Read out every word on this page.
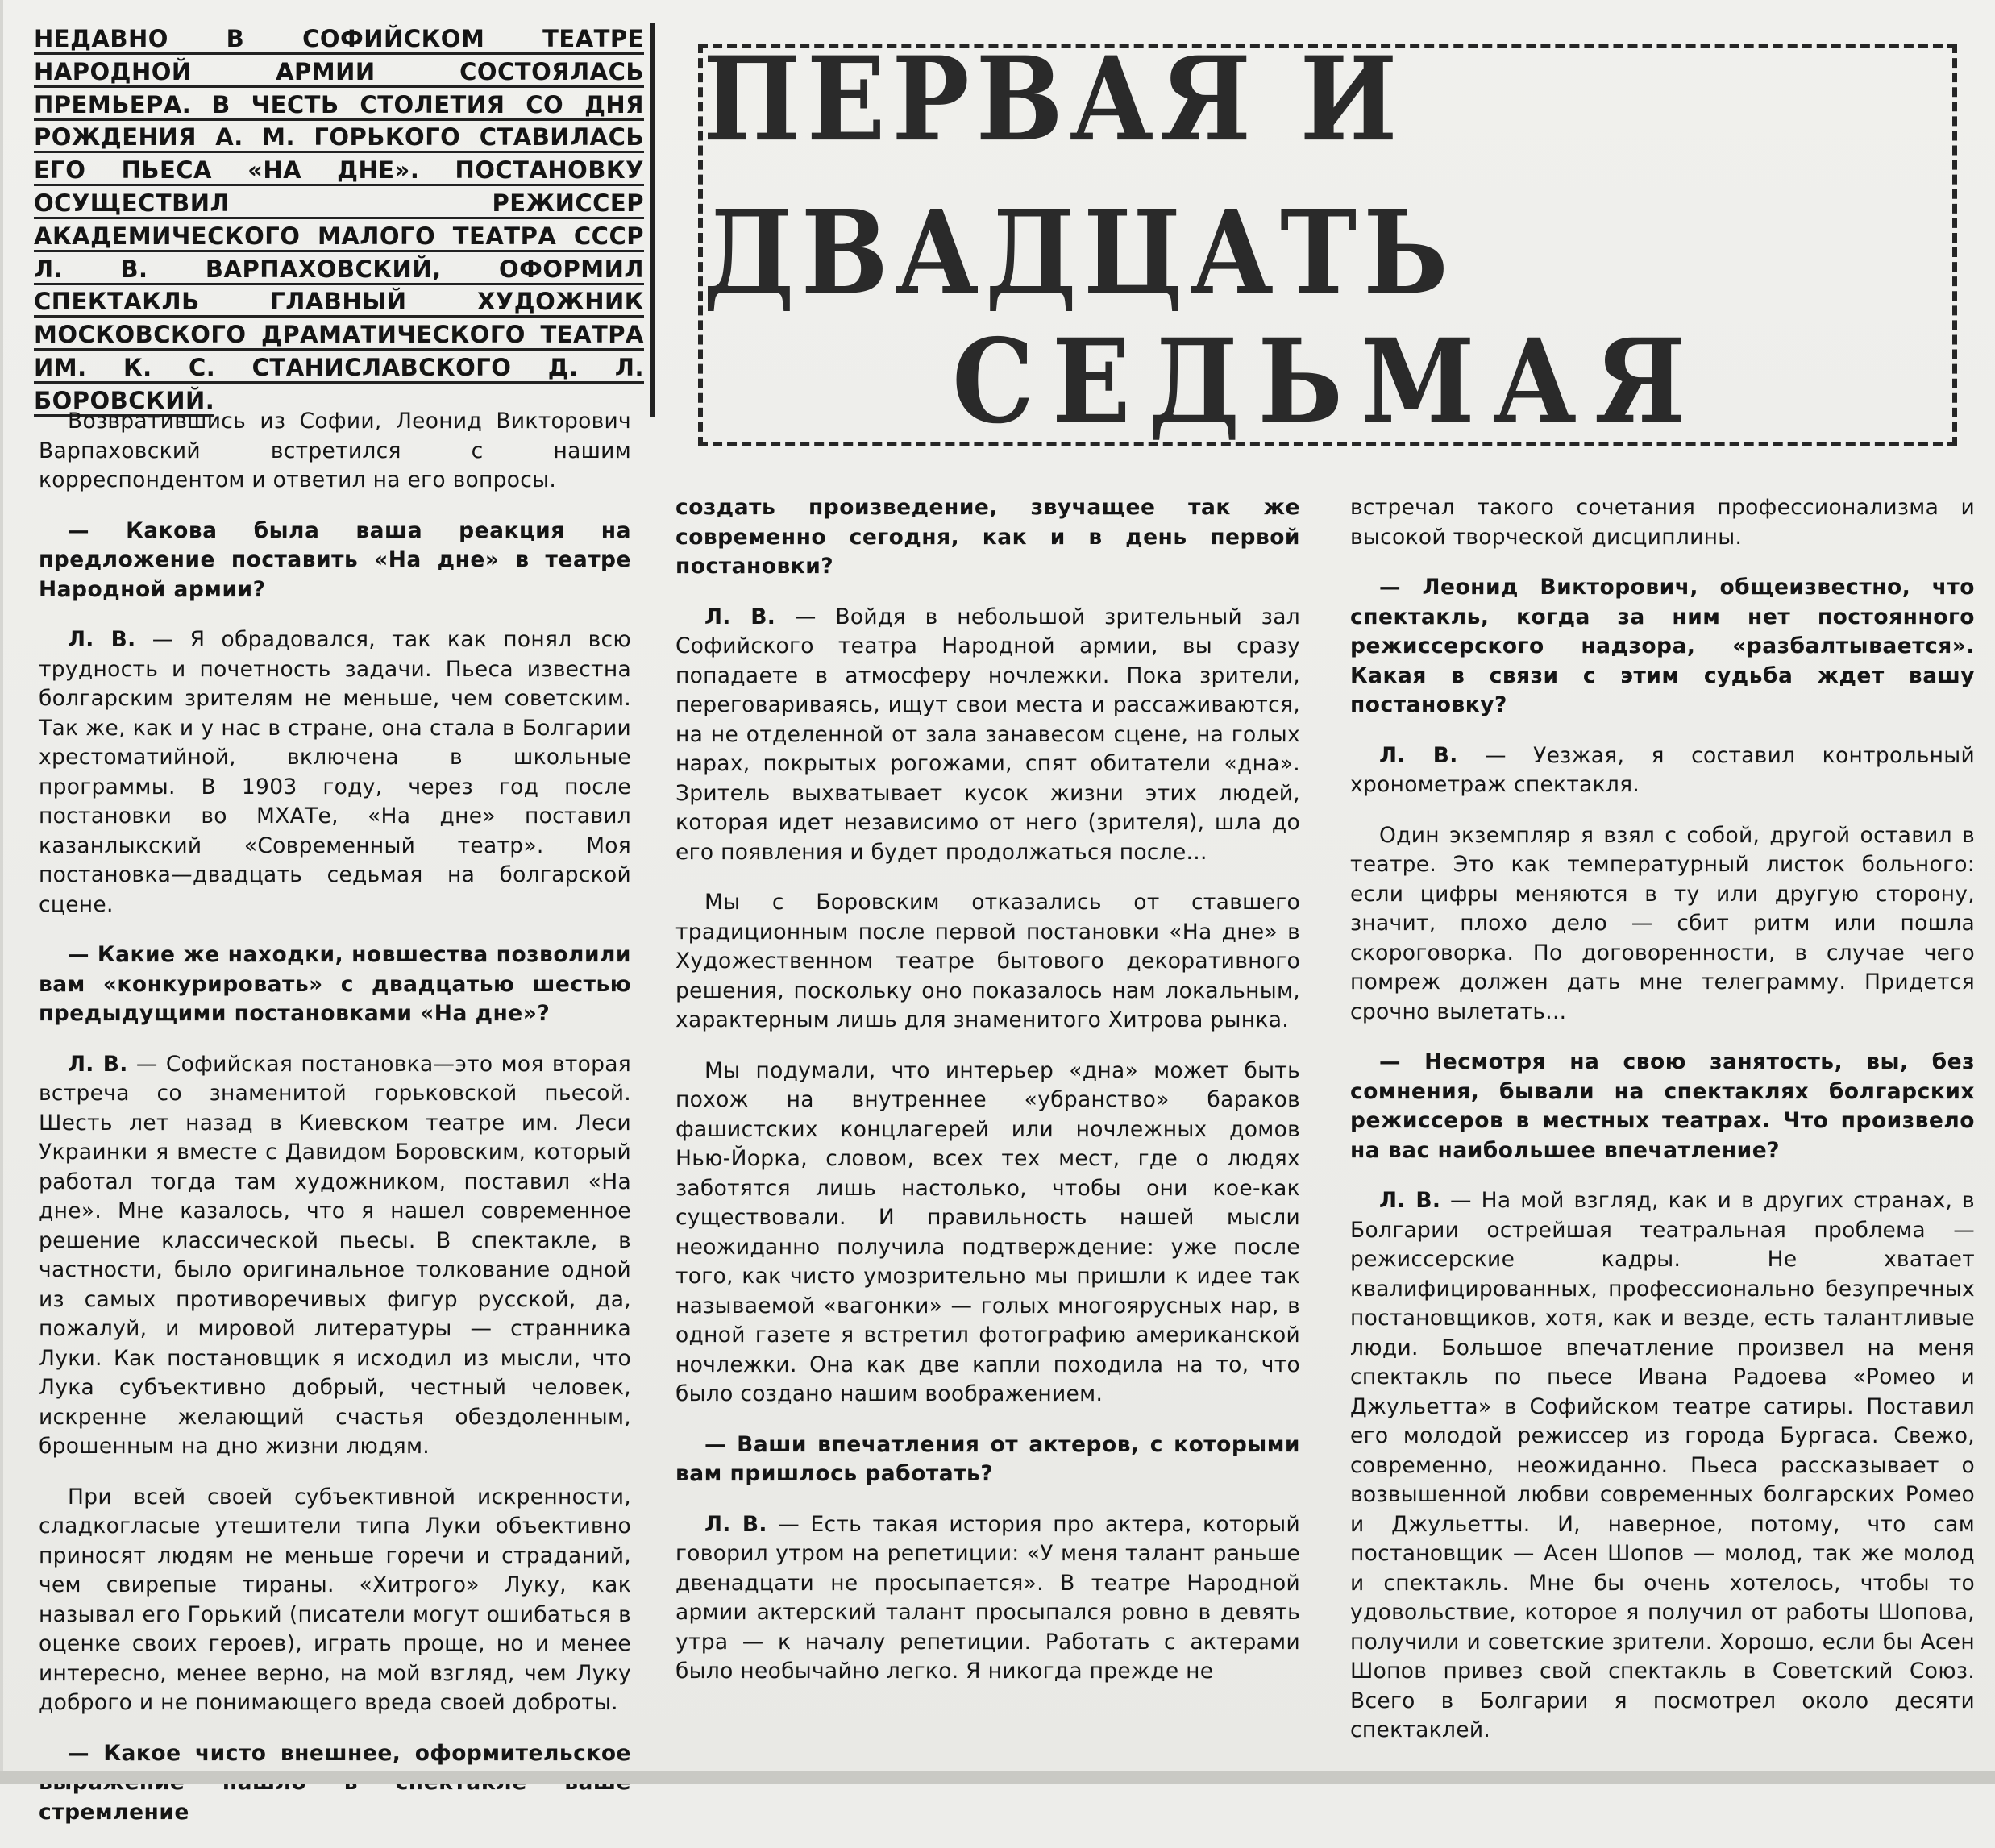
НЕДАВНО В СОФИЙСКОМ ТЕАТРЕ НАРОДНОЙ АРМИИ СОСТОЯЛАСЬ ПРЕМЬЕРА. В ЧЕСТЬ СТОЛЕТИЯ СО ДНЯ РОЖДЕНИЯ А. М. ГОРЬКОГО СТАВИЛАСЬ ЕГО ПЬЕСА «НА ДНЕ». ПОСТАНОВКУ ОСУЩЕСТВИЛ РЕЖИССЕР АКАДЕМИЧЕСКОГО МАЛОГО ТЕАТРА СССР Л. В. ВАРПАХОВСКИЙ, ОФОРМИЛ СПЕКТАКЛЬ ГЛАВНЫЙ ХУДОЖНИК МОСКОВСКОГО ДРАМАТИЧЕСКОГО ТЕАТРА ИМ. К. С. СТАНИСЛАВСКОГО Д. Л. БОРОВСКИЙ.
ПЕРВАЯ И ДВАДЦАТЬ
СЕДЬМАЯ

Возвратившись из Софии, Леонид Викторович Варпаховский встретился с нашим корреспондентом и ответил на его вопросы.

— Какова была ваша реакция на предложение поставить «На дне» в театре Народной армии?

Л. В. — Я обрадовался, так как понял всю трудность и почетность задачи. Пьеса известна болгарским зрителям не меньше, чем советским. Так же, как и у нас в стране, она стала в Болгарии хрестоматийной, включена в школьные программы. В 1903 году, через год после постановки во МХАТе, «На дне» поставил казанлыкский «Современный театр». Моя постановка—двадцать седьмая на болгарской сцене.

— Какие же находки, новшества позволили вам «конкурировать» с двадцатью шестью предыдущими постановками «На дне»?

Л. В. — Софийская постановка—это моя вторая встреча со знаменитой горьковской пьесой. Шесть лет назад в Киевском театре им. Леси Украинки я вместе с Давидом Боровским, который работал тогда там художником, поставил «На дне». Мне казалось, что я нашел современное решение классической пьесы. В спектакле, в частности, было оригинальное толкование одной из самых противоречивых фигур русской, да, пожалуй, и мировой литературы — странника Луки. Как постановщик я исходил из мысли, что Лука субъективно добрый, честный человек, искренне желающий счастья обездоленным, брошенным на дно жизни людям.

При всей своей субъективной искренности, сладкогласые утешители типа Луки объективно приносят людям не меньше горечи и страданий, чем свирепые тираны. «Хитрого» Луку, как называл его Горький (писатели могут ошибаться в оценке своих героев), играть проще, но и менее интересно, менее верно, на мой взгляд, чем Луку доброго и не понимающего вреда своей доброты.

— Какое чисто внешнее, оформительское стремление

создать произведение, звучащее так же современно сегодня, как и в день первой постановки?

Л. В. — Войдя в небольшой зрительный зал Софийского театра Народной армии, вы сразу попадаете в атмосферу ночлежки. Пока зрители, переговариваясь, ищут свои места и рассаживаются, на не отделенной от зала занавесом сцене, на голых нарах, покрытых рогожами, спят обитатели «дна». Зритель выхватывает кусок жизни этих людей, которая идет независимо от него (зрителя), шла до его появления и будет продолжаться после...

Мы с Боровским отказались от ставшего традиционным после первой постановки «На дне» в Художественном театре бытового декоративного решения, поскольку оно показалось нам локальным, характерным лишь для знаменитого Хитрова рынка.

Мы подумали, что интерьер «дна» может быть похож на внутреннее «убранство» бараков фашистских концлагерей или ночлежных домов Нью-Йорка, словом, всех тех мест, где о людях заботятся лишь настолько, чтобы они кое-как существовали. И правильность нашей мысли неожиданно получила подтверждение: уже после того, как чисто умозрительно мы пришли к идее так называемой «вагонки» — голых многоярусных нар, в одной газете я встретил фотографию американской ночлежки. Она как две капли походила на то, что было создано нашим воображением.

— Ваши впечатления от актеров, с которыми вам пришлось работать?

Л. В. — Есть такая история про актера, который говорил утром на репетиции: «У меня талант раньше двенадцати не просыпается». В театре Народной армии актерский талант просыпался ровно в девять утра — к началу репетиции. Работать с актерами было необычайно легко. Я никогда прежде не

встречал такого сочетания профессионализма и высокой творческой дисциплины.

— Леонид Викторович, общеизвестно, что спектакль, когда за ним нет постоянного режиссерского надзора, «разбалтывается». Какая в связи с этим судьба ждет вашу постановку?

Л. В. — Уезжая, я составил контрольный хронометраж спектакля.

Один экземпляр я взял с собой, другой оставил в театре. Это как температурный листок больного: если цифры меняются в ту или другую сторону, значит, плохо дело — сбит ритм или пошла скороговорка. По договоренности, в случае чего помреж должен дать мне телеграмму. Придется срочно вылетать...

— Несмотря на свою занятость, вы, без сомнения, бывали на спектаклях болгарских режиссеров в местных театрах. Что произвело на вас наибольшее впечатление?

Л. В. — На мой взгляд, как и в других странах, в Болгарии острейшая театральная проблема — режиссерские кадры. Не хватает квалифицированных, профессионально безупречных постановщиков, хотя, как и везде, есть талантливые люди. Большое впечатление произвел на меня спектакль по пьесе Ивана Радоева «Ромео и Джульетта» в Софийском театре сатиры. Поставил его молодой режиссер из города Бургаса. Свежо, современно, неожиданно. Пьеса рассказывает о возвышенной любви современных болгарских Ромео и Джульетты. И, наверное, потому, что сам постановщик — Асен Шопов — молод, так же молод и спектакль. Мне бы очень хотелось, чтобы то удовольствие, которое я получил от работы Шопова, получили и советские зрители. Хорошо, если бы Асен Шопов привез свой спектакль в Советский Союз. Всего в Болгарии я посмотрел около десяти спектаклей.
